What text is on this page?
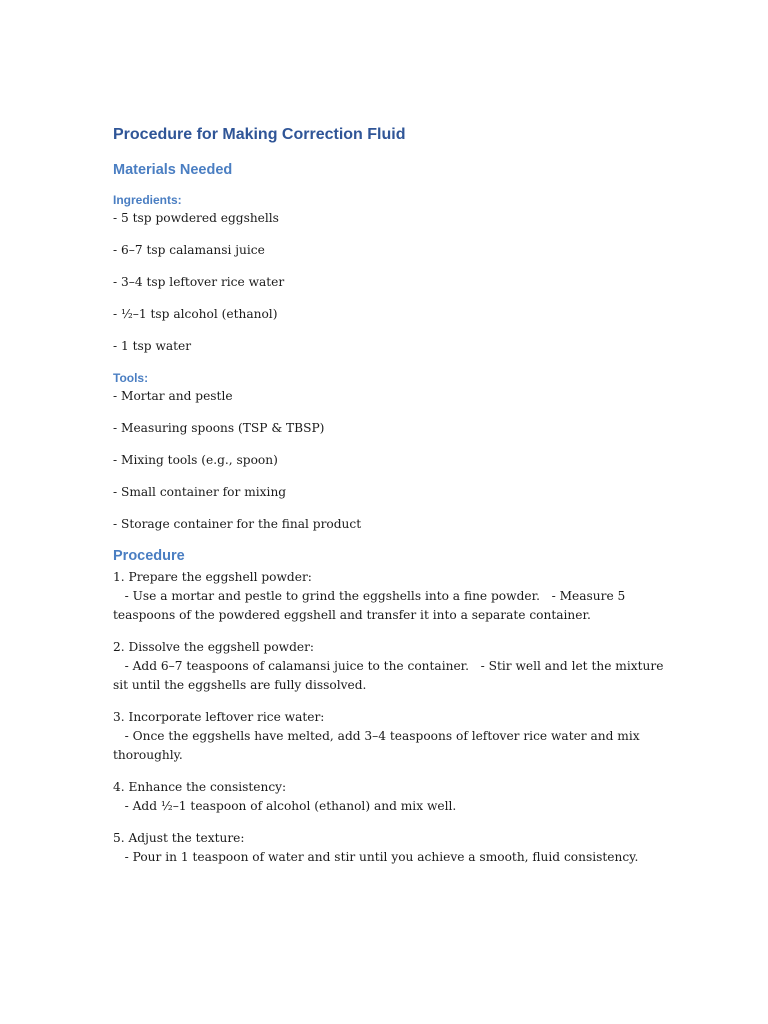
Procedure for Making Correction Fluid
Materials Needed
Ingredients:
- 5 tsp powdered eggshells
- 6–7 tsp calamansi juice
- 3–4 tsp leftover rice water
- ½–1 tsp alcohol (ethanol)
- 1 tsp water
Tools:
- Mortar and pestle
- Measuring spoons (TSP & TBSP)
- Mixing tools (e.g., spoon)
- Small container for mixing
- Storage container for the final product
Procedure

1. Prepare the eggshell powder:

- Use a mortar and pestle to grind the eggshells into a fine powder.   - Measure 5 teaspoons of the powdered eggshell and transfer it into a separate container.

2. Dissolve the eggshell powder:

- Add 6–7 teaspoons of calamansi juice to the container.   - Stir well and let the mixture sit until the eggshells are fully dissolved.

3. Incorporate leftover rice water:

- Once the eggshells have melted, add 3–4 teaspoons of leftover rice water and mix thoroughly.

4. Enhance the consistency:

- Add ½–1 teaspoon of alcohol (ethanol) and mix well.

5. Adjust the texture:

- Pour in 1 teaspoon of water and stir until you achieve a smooth, fluid consistency.
